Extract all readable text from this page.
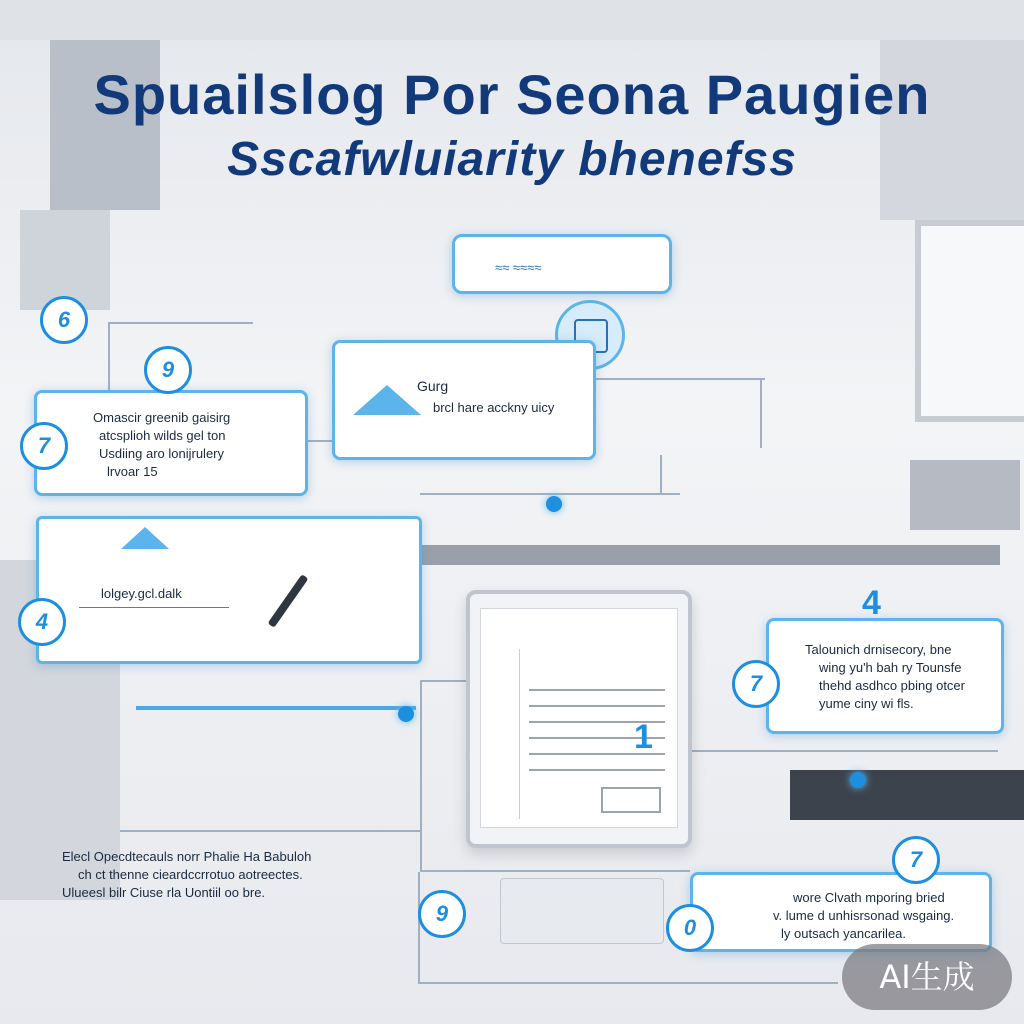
Spuailslog Por Seona Paugien
Sscafwluiarity bhenefss
≈≈ ≈≈≈≈
Gurg
brcl hare acckny uicy
Omascir greenib gaisirg
atcsplioh wilds gel ton
Usdiing aro lonijrulery
lrvoar 15
lolgey.gcl.dalk
Talounich drnisecory, bne
wing yu'h bah ry Tounsfe
thehd asdhco pbing otcer
yume ciny wi fls.
wore Clvath mporing bried
v. lume d unhisrsonad wsgaing.
ly outsach yancarilea.
Elecl Opecdtecauls norr Phalie Ha Babuloh
ch ct thenne cieardccrrotuo aotreectes.
Ulueesl bilr Ciuse rla Uontiil oo bre.
6
9
7
4	4
7
1
7
9
0
AI生成
